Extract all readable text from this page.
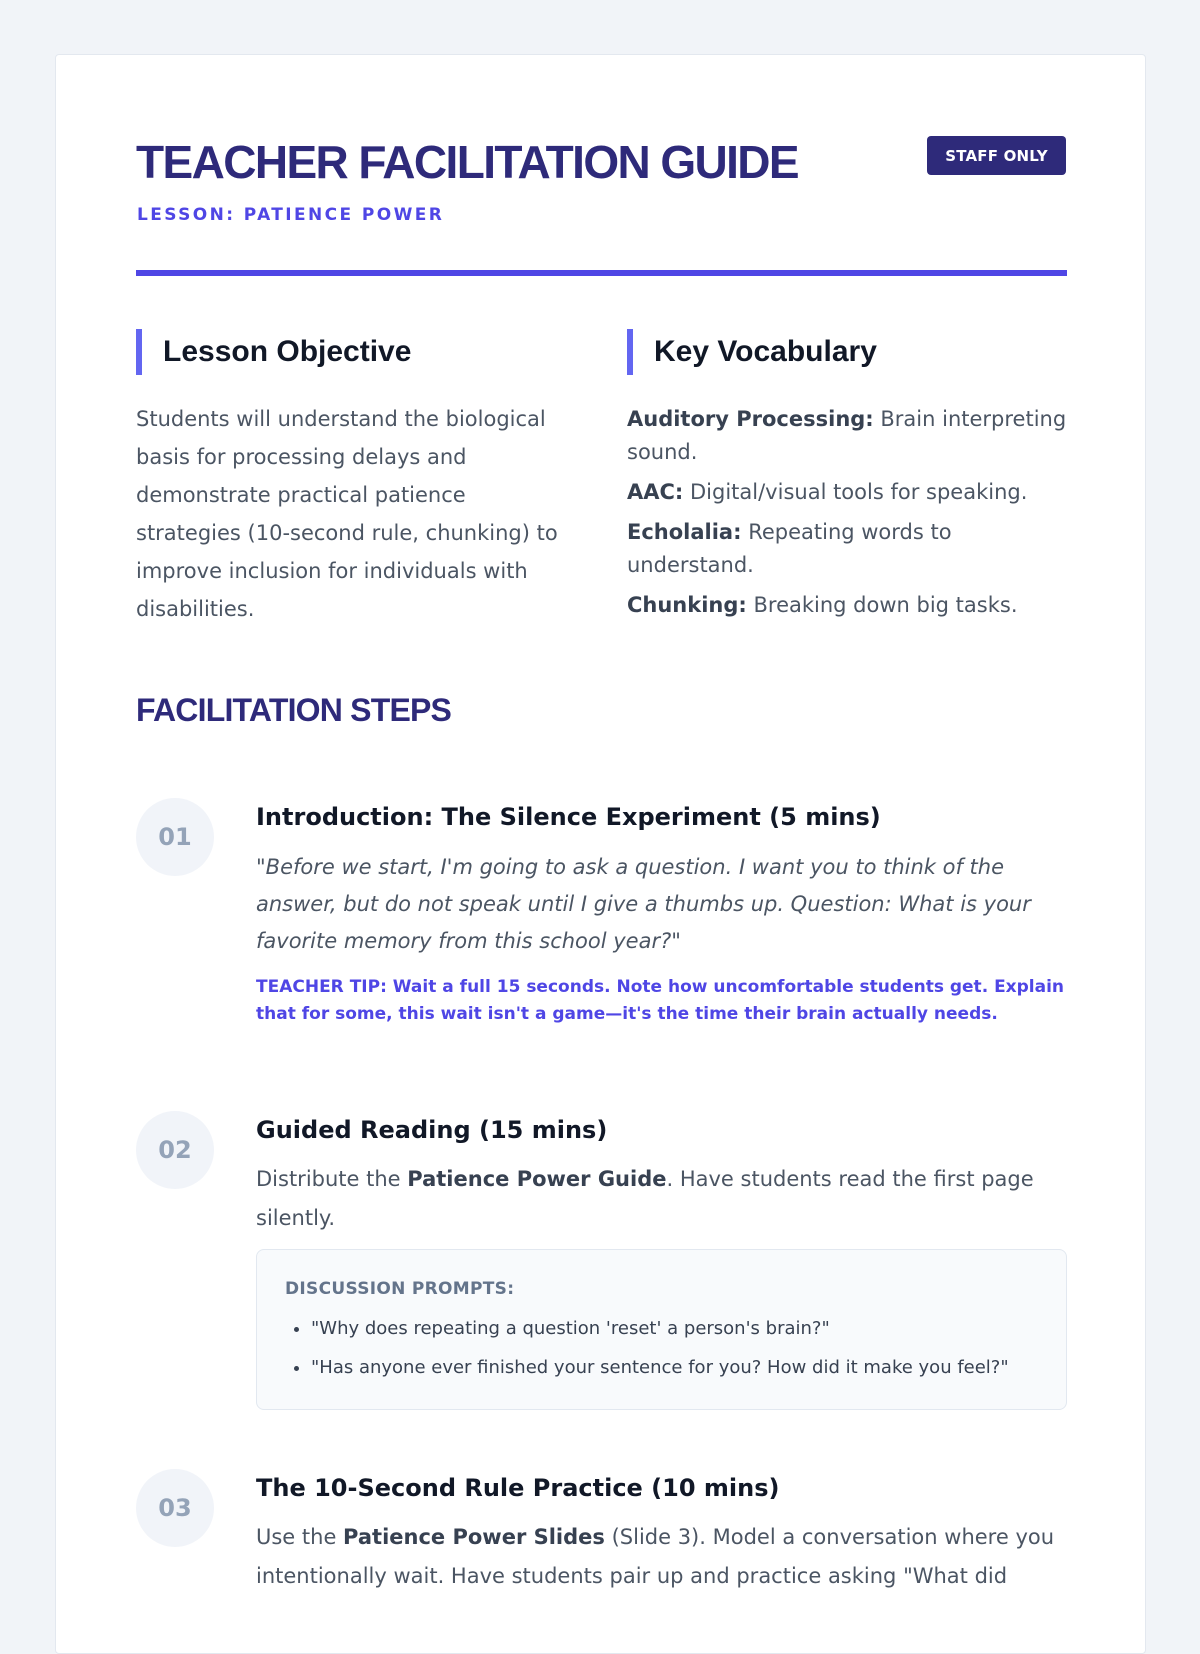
TEACHER FACILITATION GUIDE
LESSON: PATIENCE POWER
STAFF ONLY
Lesson Objective	Key Vocabulary

Students will understand the biological basis for processing delays and demonstrate practical patience strategies (10-second rule, chunking) to improve inclusion for individuals with disabilities.

Auditory Processing: Brain interpreting sound.
AAC: Digital/visual tools for speaking.
Echolalia: Repeating words to understand.
Chunking: Breaking down big tasks.
FACILITATION STEPS
01
Introduction: The Silence Experiment (5 mins)

"Before we start, I'm going to ask a question. I want you to think of the answer, but do not speak until I give a thumbs up. Question: What is your favorite memory from this school year?"

TEACHER TIP: Wait a full 15 seconds. Note how uncomfortable students get. Explain that for some, this wait isn't a game—it's the time their brain actually needs.

02
Guided Reading (15 mins)

Distribute the Patience Power Guide. Have students read the first page silently.

DISCUSSION PROMPTS:
• "Why does repeating a question 'reset' a person's brain?"
• "Has anyone ever finished your sentence for you? How did it make you feel?"
03
The 10-Second Rule Practice (10 mins)

Use the Patience Power Slides (Slide 3). Model a conversation where you intentionally wait. Have students pair up and practice asking "What did
